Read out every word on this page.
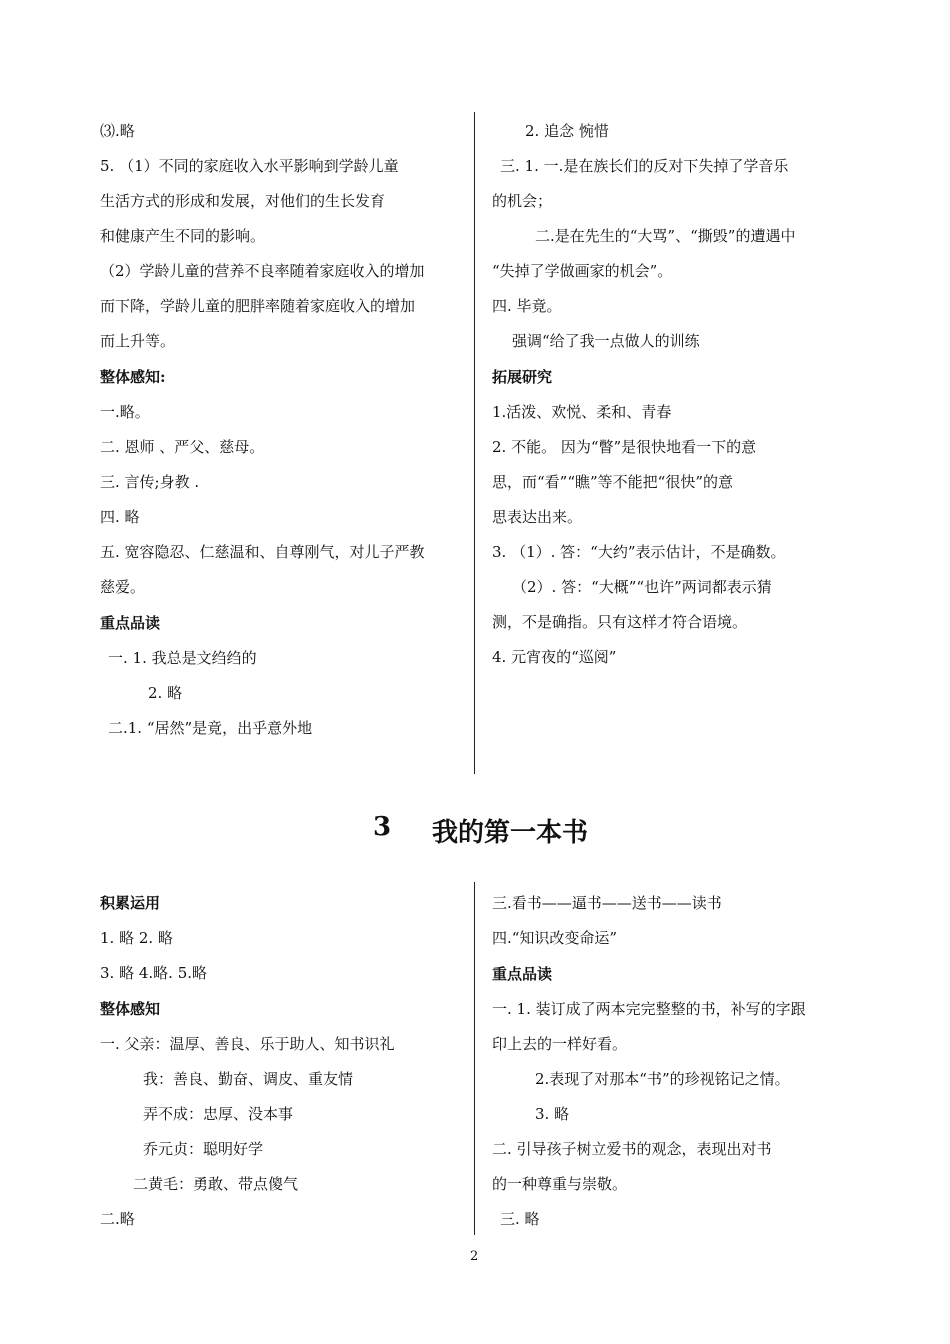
⑶.略
5. （1）不同的家庭收入水平影响到学龄儿童
生活方式的形成和发展，对他们的生长发育
和健康产生不同的影响。
（2）学龄儿童的营养不良率随着家庭收入的增加
而下降，学龄儿童的肥胖率随着家庭收入的增加
而上升等。
整体感知:
一.略。
二. 恩师 、严父、慈母。
三. 言传;身教 .
四. 略
五. 宽容隐忍、仁慈温和、自尊刚气，对儿子严教
慈爱。
重点品读
一. 1. 我总是文绉绉的
2. 略
二.1. “居然”是竟，出乎意外地
2. 追念 惋惜
三. 1. 一.是在族长们的反对下失掉了学音乐
的机会；
二.是在先生的“大骂”、“撕毁”的遭遇中
“失掉了学做画家的机会”。
四. 毕竟。
强调“给了我一点做人的训练
拓展研究
1.活泼、欢悦、柔和、青春
2. 不能。 因为“瞥”是很快地看一下的意
思，而“看”“瞧”等不能把“很快”的意
思表达出来。
3. （1）. 答：“大约”表示估计，不是确数。
（2）. 答：“大概”“也许”两词都表示猜
测，不是确指。只有这样才符合语境。
4. 元宵夜的“巡阅”
3 我的第一本书
积累运用
1. 略 2. 略
3. 略 4.略. 5.略
整体感知
一. 父亲：温厚、善良、乐于助人、知书识礼
我：善良、勤奋、调皮、重友情
弄不成：忠厚、没本事
乔元贞：聪明好学
二黄毛：勇敢、带点傻气
二.略
三.看书——逼书——送书——读书
四.“知识改变命运”
重点品读
一. 1. 装订成了两本完完整整的书，补写的字跟
印上去的一样好看。
2.表现了对那本“书”的珍视铭记之情。
3. 略
二. 引导孩子树立爱书的观念，表现出对书
的一种尊重与崇敬。
三. 略
2
